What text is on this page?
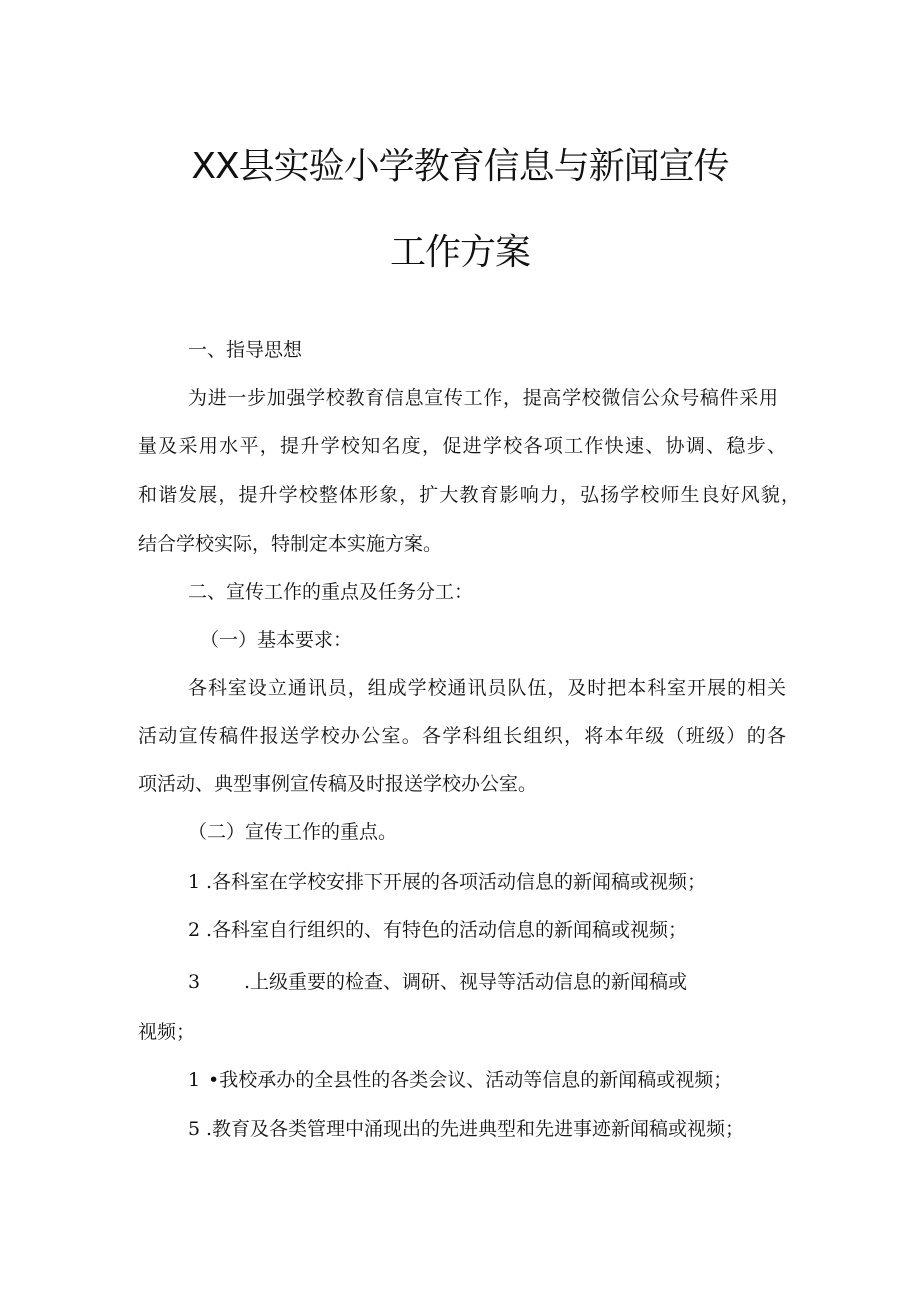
XX县实验小学教育信息与新闻宣传
工作方案

一、指导思想

为进一步加强学校教育信息宣传工作，提高学校微信公众号稿件采用

量及采用水平，提升学校知名度，促进学校各项工作快速、协调、稳步、

和谐发展，提升学校整体形象，扩大教育影响力，弘扬学校师生良好风貌，

结合学校实际，特制定本实施方案。

二、宣传工作的重点及任务分工：

（一）基本要求：

各科室设立通讯员，组成学校通讯员队伍，及时把本科室开展的相关

活动宣传稿件报送学校办公室。各学科组长组织，将本年级（班级）的各

项活动、典型事例宣传稿及时报送学校办公室。

（二）宣传工作的重点。

1 .各科室在学校安排下开展的各项活动信息的新闻稿或视频；

2 .各科室自行组织的、有特色的活动信息的新闻稿或视频；

3 .上级重要的检查、调研、视导等活动信息的新闻稿或

视频；

1 •我校承办的全县性的各类会议、活动等信息的新闻稿或视频；

5 .教育及各类管理中涌现出的先进典型和先进事迹新闻稿或视频；
